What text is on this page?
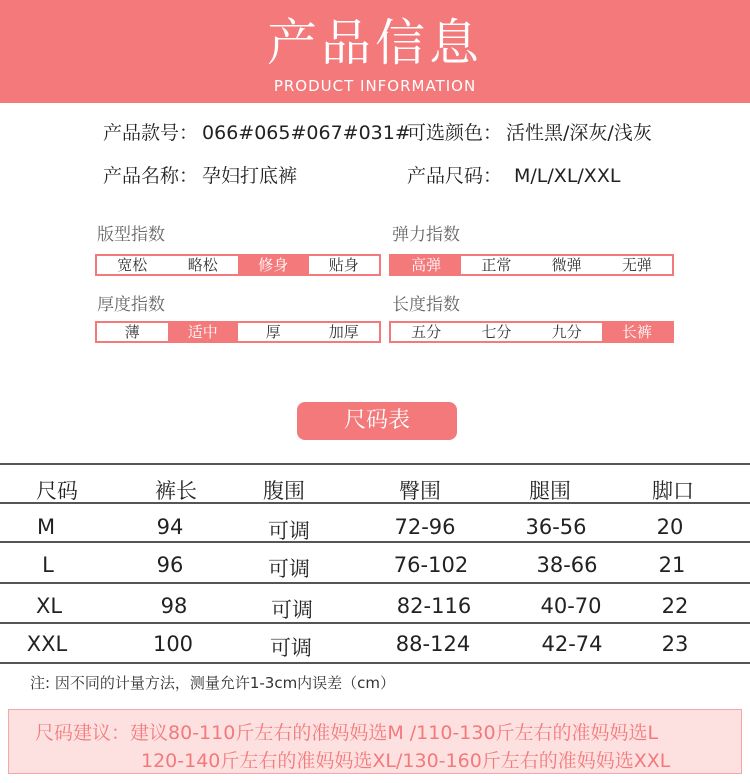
产品信息
PRODUCT INFORMATION
产品款号： 066#065#067#031#
可选颜色： 活性黑/深灰/浅灰
产品名称： 孕妇打底裤	产品尺码： M/L/XL/XXL
版型指数
宽松	略松	修身	贴身
弹力指数
高弹	正常	微弹	无弹
厚度指数
薄	适中	厚	加厚
长度指数
五分	七分	九分	长裤
尺码表
尺码	裤长	腹围	臀围	腿围	脚口
M	94	可调	72-96	36-56	20
L	96	可调	76-102	38-66	21
XL	98	可调	82-116	40-70	22
XXL	100	可调	88-124	42-74	23
注: 因不同的计量方法，测量允许1-3cm内误差（cm）
尺码建议：建议80-110斤左右的准妈妈选M /110-130斤左右的准妈妈选L
120-140斤左右的准妈妈选XL/130-160斤左右的准妈妈选XXL
